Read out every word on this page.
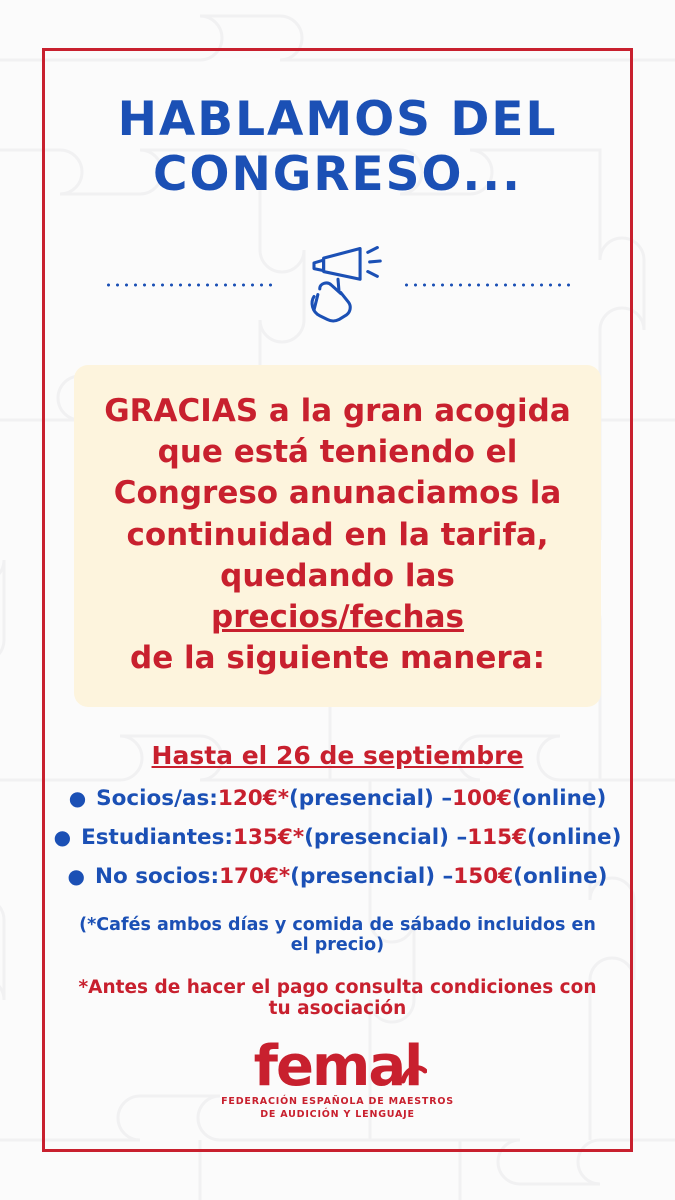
HABLAMOS DEL CONGRESO...

GRACIAS a la gran acogida
que está teniendo el
Congreso anunaciamos la
continuidad en la tarifa,
quedando las precios/fechas
de la siguiente manera:

Hasta el 26 de septiembre
● Socios/as: 120€ * (presencial) – 100€ (online)
● Estudiantes: 135€ * (presencial) – 115€ (online)
● No socios: 170€ * (presencial) – 150€ (online)
(*Cafés ambos días y comida de sábado incluidos en el precio)
*Antes de hacer el pago consulta condiciones con tu asociación
femal
FEDERACIÓN ESPAÑOLA DE MAESTROS
DE AUDICIÓN Y LENGUAJE
